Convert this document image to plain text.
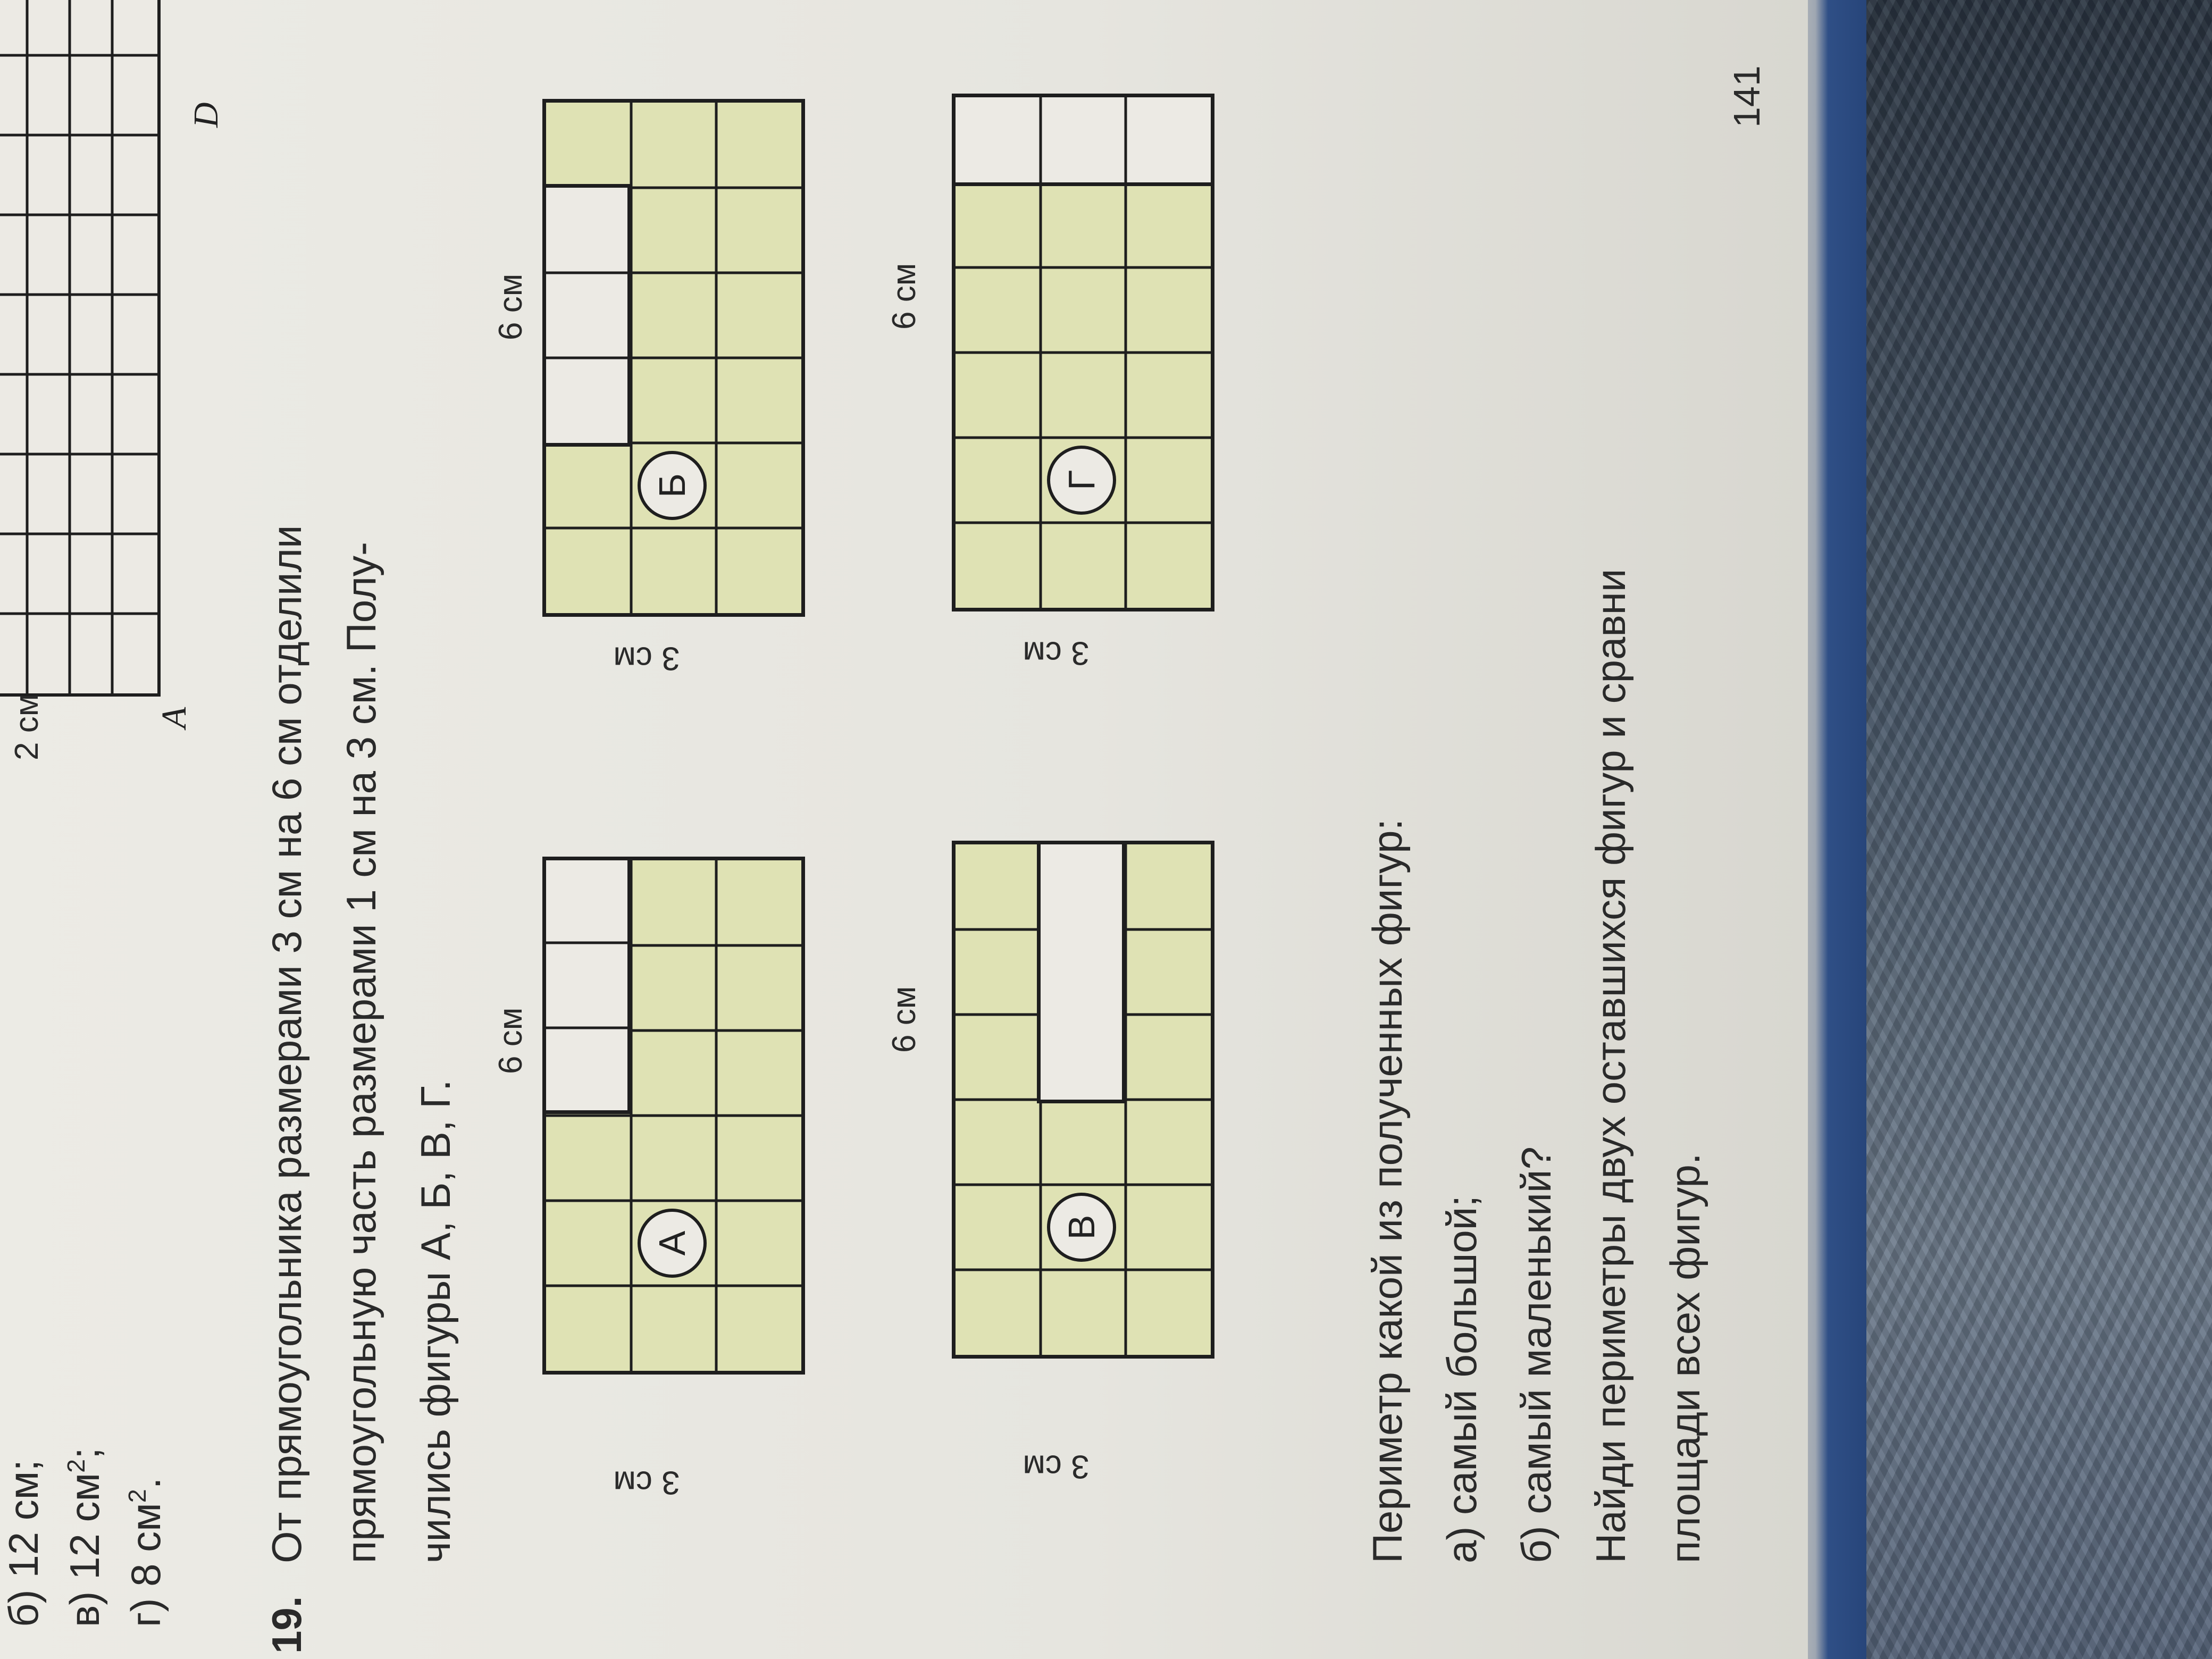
б) 12 см; в) 12 $см^2$;
г) 8 $см^2$.
2 см	A
D
19.
От прямоугольника размерами 3 см на 6 см отделили прямоугольную часть размерами 1 см на 3 см. Полу- чились фигуры А, Б, В, Г.
6 см
3 см
А
6 см
3 см
Б
6 см
3 см
В
6 см
3 см
Г
Периметр какой из полученных фигур: а) самый большой; б) самый маленький? Найди периметры двух оставшихся фигур и сравни площади всех фигур.
141
